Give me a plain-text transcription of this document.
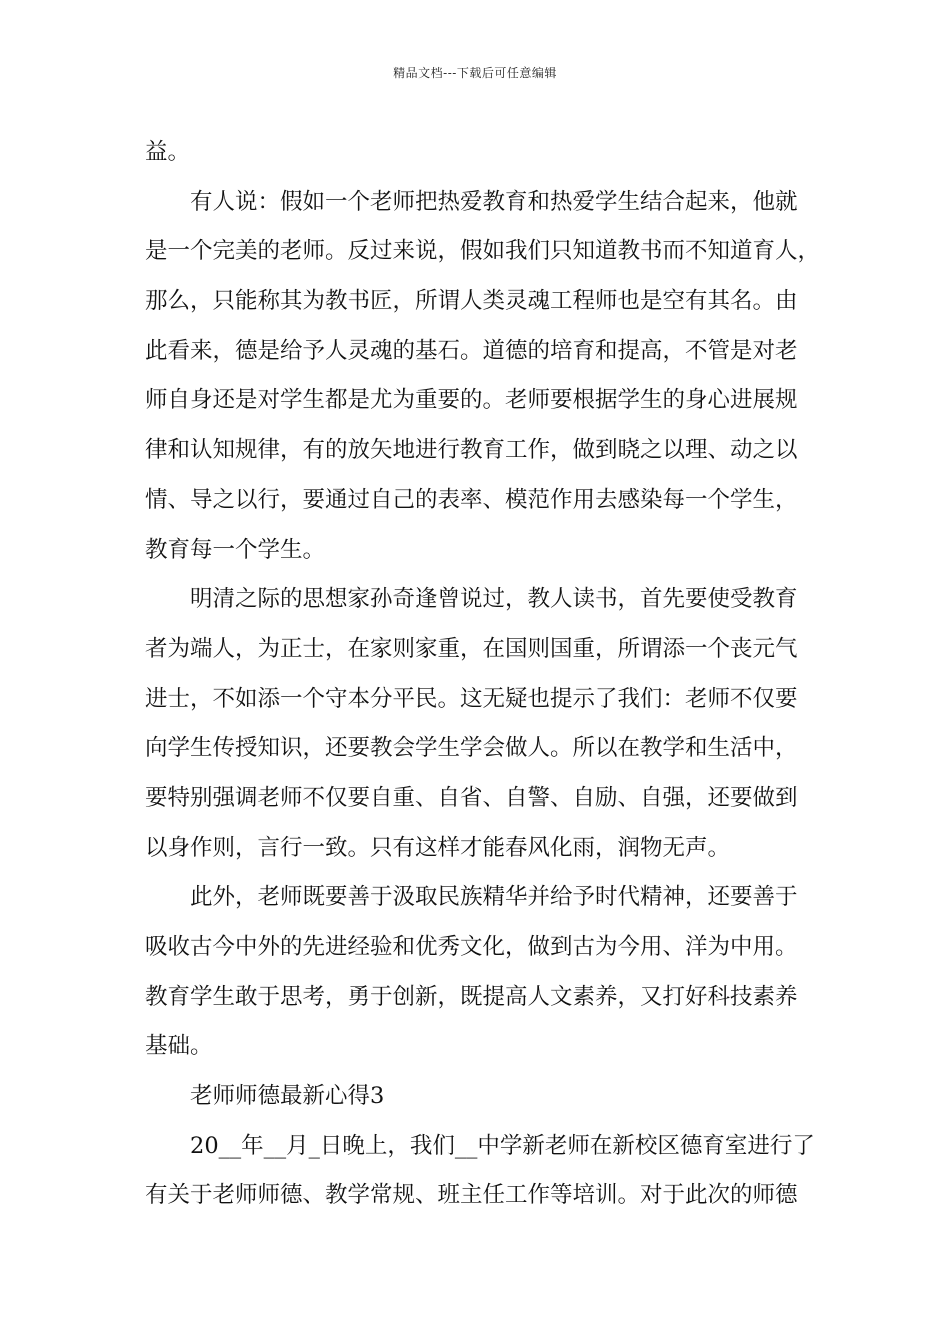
精品文档---下载后可任意编辑
益。
有人说：假如一个老师把热爱教育和热爱学生结合起来，他就
是一个完美的老师。反过来说，假如我们只知道教书而不知道育人，
那么，只能称其为教书匠，所谓人类灵魂工程师也是空有其名。由
此看来，德是给予人灵魂的基石。道德的培育和提高，不管是对老
师自身还是对学生都是尤为重要的。老师要根据学生的身心进展规
律和认知规律，有的放矢地进行教育工作，做到晓之以理、动之以
情、导之以行，要通过自己的表率、模范作用去感染每一个学生，
教育每一个学生。
明清之际的思想家孙奇逢曾说过，教人读书，首先要使受教育
者为端人，为正士，在家则家重，在国则国重，所谓添一个丧元气
进士，不如添一个守本分平民。这无疑也提示了我们：老师不仅要
向学生传授知识，还要教会学生学会做人。所以在教学和生活中，
要特别强调老师不仅要自重、自省、自警、自励、自强，还要做到
以身作则，言行一致。只有这样才能春风化雨，润物无声。
此外，老师既要善于汲取民族精华并给予时代精神，还要善于
吸收古今中外的先进经验和优秀文化，做到古为今用、洋为中用。
教育学生敢于思考，勇于创新，既提高人文素养，又打好科技素养
基础。
老师师德最新心得3
20__年__月_日晚上，我们__中学新老师在新校区德育室进行了
有关于老师师德、教学常规、班主任工作等培训。对于此次的师德
